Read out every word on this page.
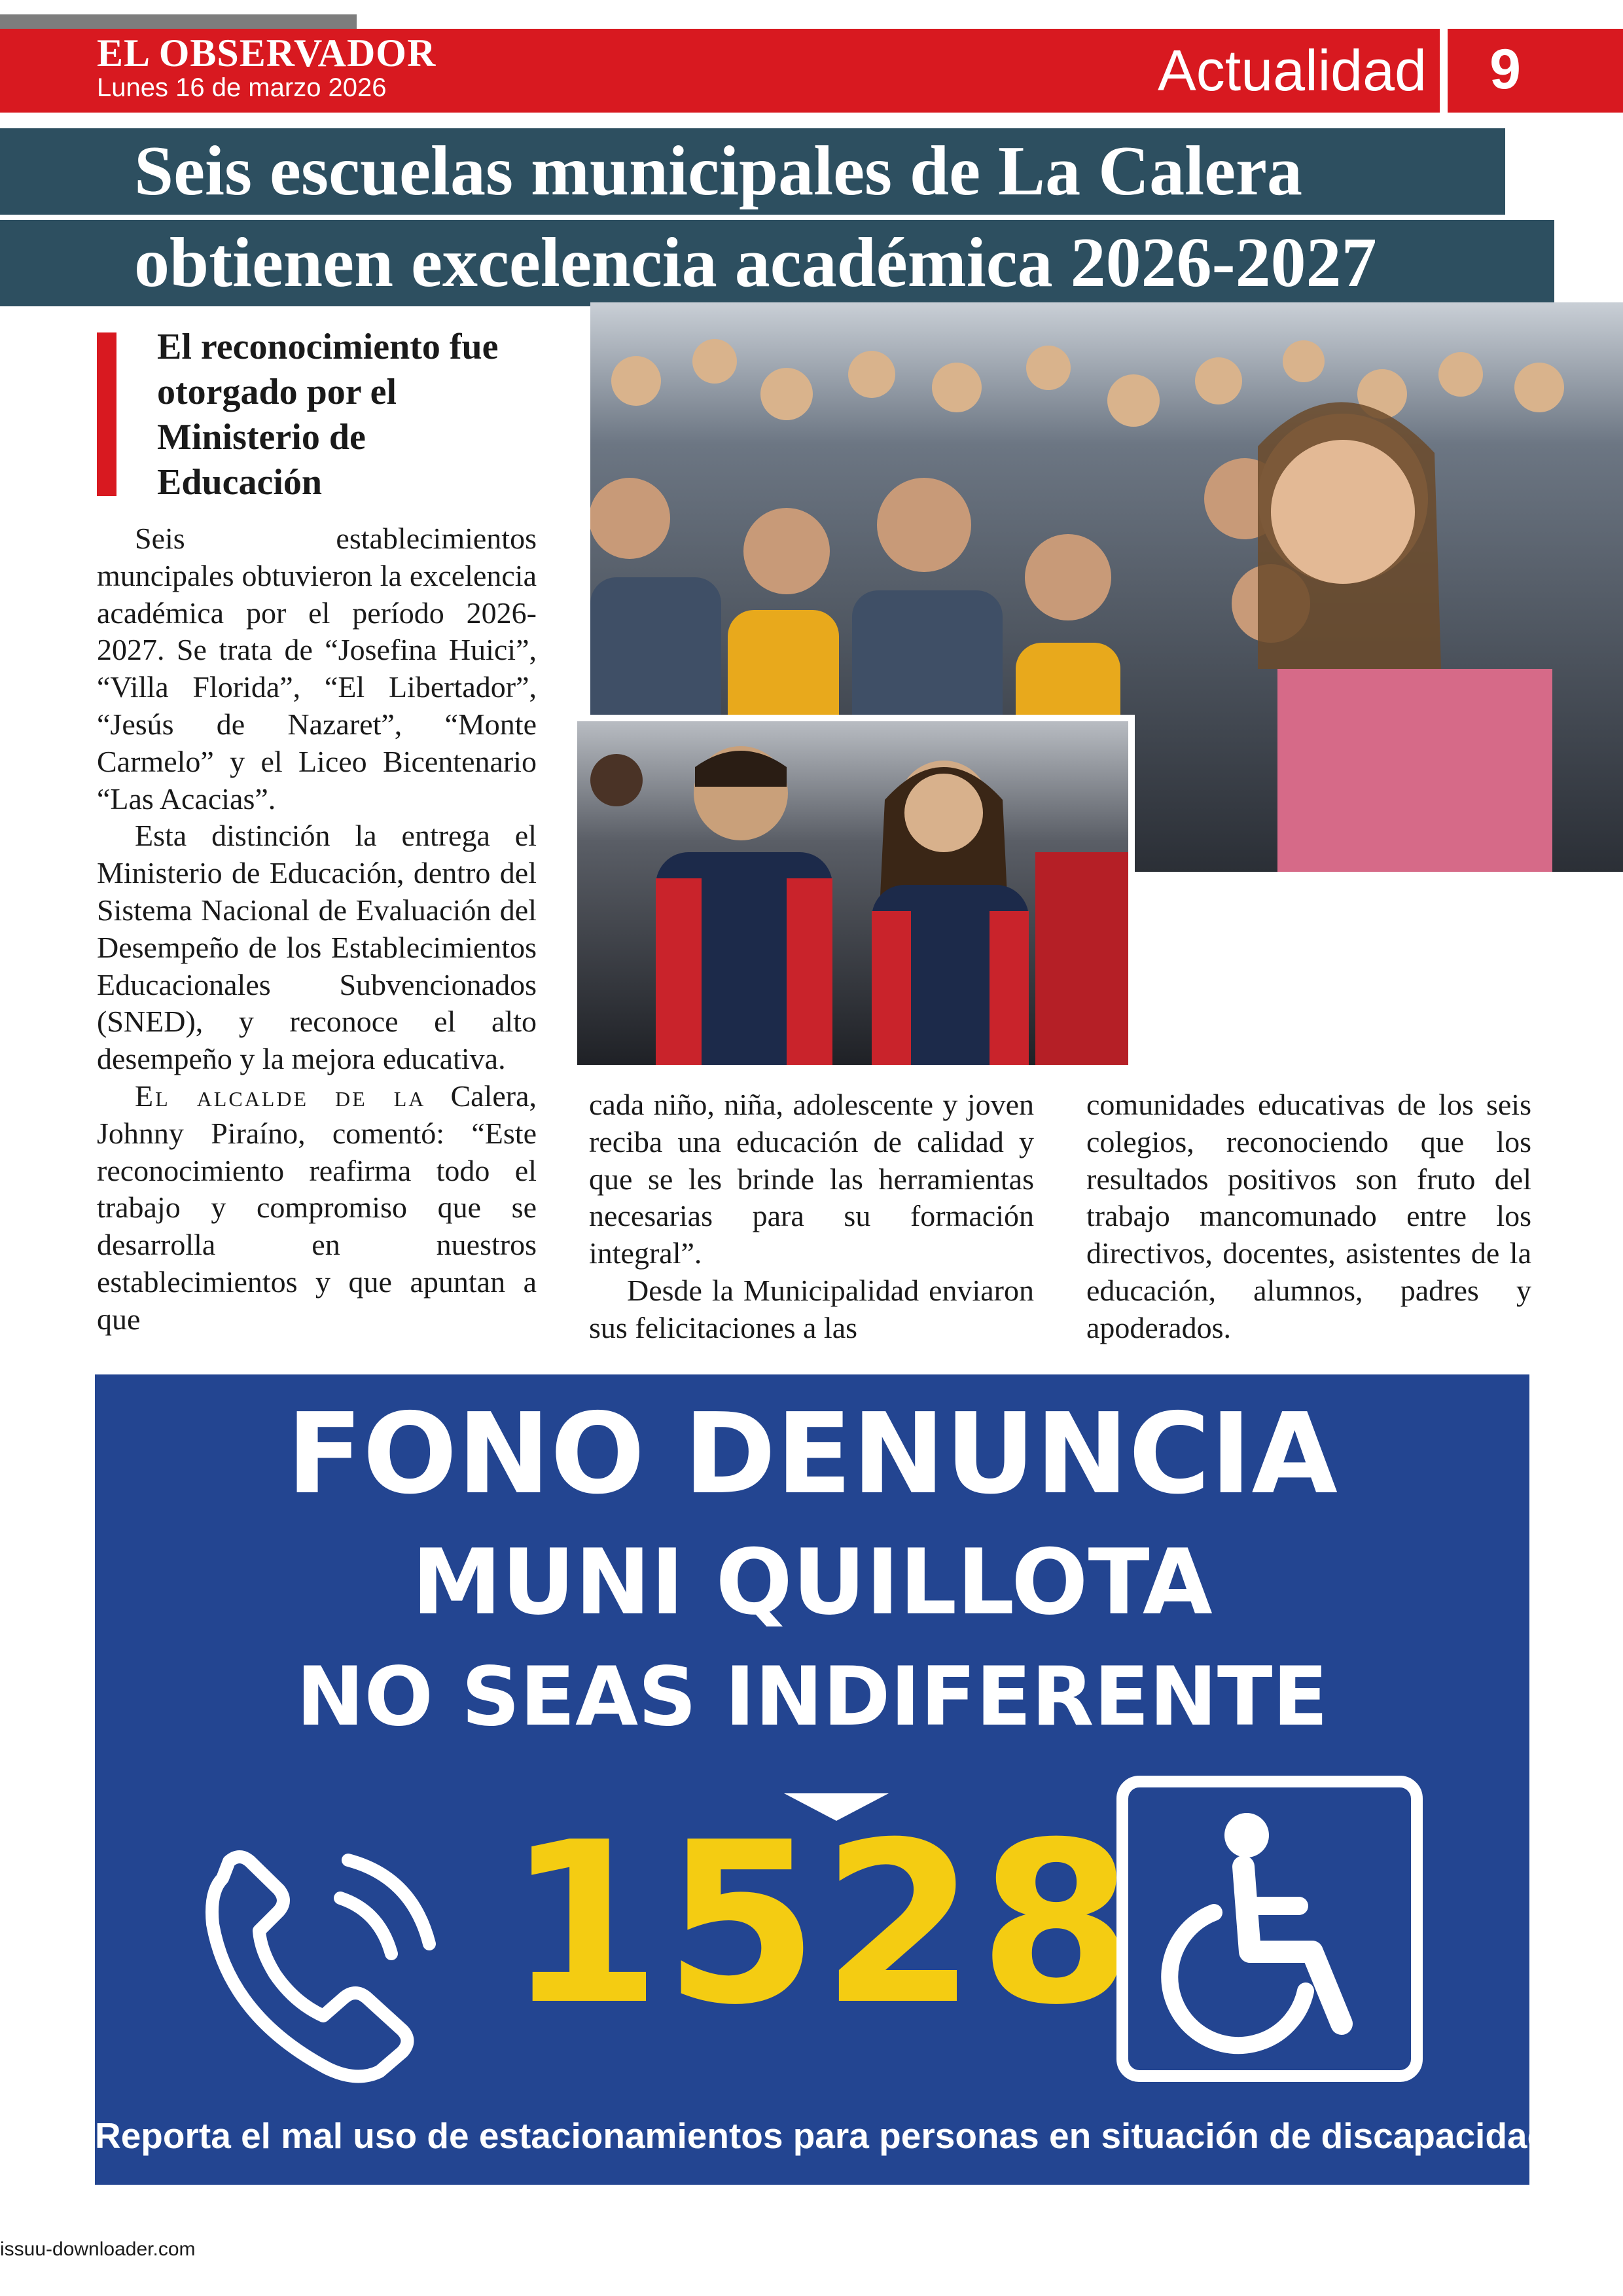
EL OBSERVADOR
Lunes 16 de marzo 2026	Actualidad	9
Seis escuelas municipales de La Calera
obtienen excelencia académica 2026-2027
El reconocimiento fue otorgado por el Ministerio de Educación

Seis establecimientos muncipales obtuvieron la excelencia académica por el período 2026-2027. Se trata de “Josefina Huici”, “Villa Florida”, “El Libertador”, “Jesús de Nazaret”, “Monte Carmelo” y el Liceo Bicentenario “Las Acacias”.

Esta distinción la entrega el Ministerio de Educación, dentro del Sistema Nacional de Evaluación del Desempeño de los Establecimientos Educacionales Subvencionados (SNED), y reconoce el alto desempeño y la mejora educativa.

El alcalde de la Calera, Johnny Piraíno, comentó: “Este reconocimiento reafirma todo el trabajo y compromiso que se desarrolla en nuestros establecimientos y que apuntan a que

cada niño, niña, adolescente y joven reciba una educación de calidad y que se les brinde las herramientas necesarias para su formación integral”.

Desde la Municipalidad enviaron sus felicitaciones a las

comunidades educativas de los seis colegios, reconociendo que los resultados positivos son fruto del trabajo mancomunado entre los directivos, docentes, asistentes de la educación, alumnos, padres y apoderados.

FONO DENUNCIA
MUNI QUILLOTA
NO SEAS INDIFERENTE
1528
Reporta el mal uso de estacionamientos para personas en situación de discapacidad
issuu-downloader.com
